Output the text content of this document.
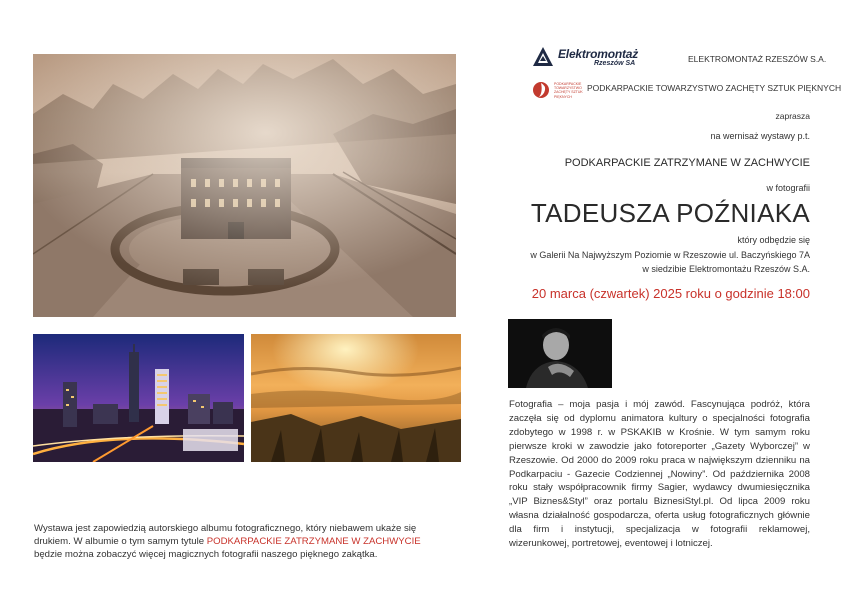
Elektromontaż
Rzeszów SA	ELEKTROMONTAŻ RZESZÓW S.A.
PODKARPACKIE TOWARZYSTWO ZACHĘTY SZTUK PIĘKNYCH
PODKARPACKIE TOWARZYSTWO ZACHĘTY SZTUK PIĘKNYCH
zaprasza
na wernisaż wystawy p.t.
PODKARPACKIE ZATRZYMANE W ZACHWYCIE
w fotografii
TADEUSZA POŹNIAKA
który odbędzie się
w Galerii Na Najwyższym Poziomie w Rzeszowie ul. Baczyńskiego 7A
w siedzibie Elektromontażu Rzeszów S.A.
20 marca (czwartek) 2025 roku o godzinie 18:00
Fotografia – moja pasja i mój zawód. Fascynująca podróż, która zaczęła się od dyplomu animatora kultury o specjalności fotografia zdobytego w 1998 r. w PSKAKIB w Krośnie. W tym samym roku pierwsze kroki w zawodzie jako fotoreporter „Gazety Wyborczej” w Rzeszowie. Od 2000 do 2009 roku praca w największym dzienniku na Podkarpaciu - Gazecie Codziennej „Nowiny”. Od października 2008 roku stały współpracownik firmy Sagier, wydawcy dwumiesięcznika „VIP Biznes&Styl” oraz portalu BiznesiStyl.pl. Od lipca 2009 roku własna działalność gospodarcza, oferta usług fotograficznych głównie dla firm i instytucji, specjalizacja w fotografii reklamowej, wizerunkowej, portretowej, eventowej i lotniczej.
Wystawa jest zapowiedzią autorskiego albumu fotograficznego, który niebawem ukaże się drukiem. W albumie o tym samym tytule PODKARPACKIE ZATRZYMANE W ZACHWYCIE będzie można zobaczyć więcej magicznych fotografii naszego pięknego zakątka.
